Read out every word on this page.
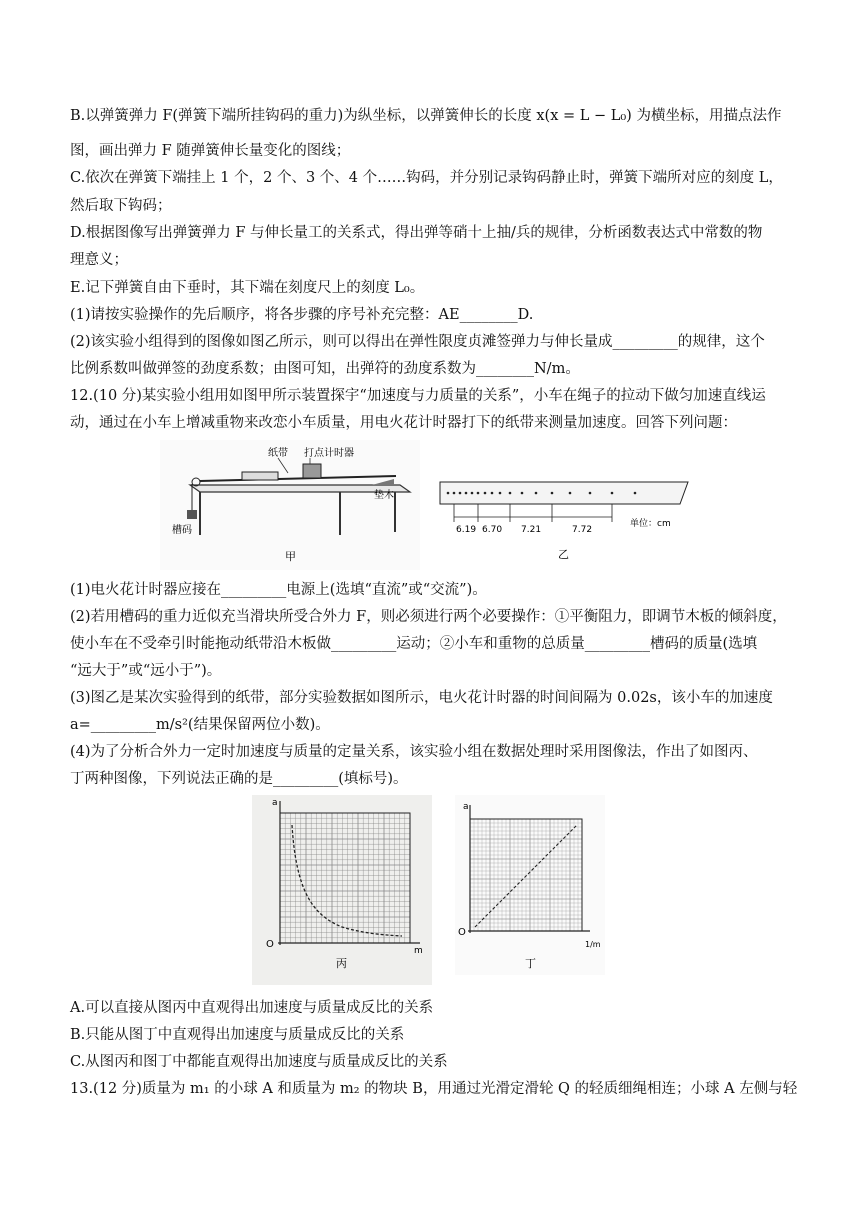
B.以弹簧弹力 F(弹簧下端所挂钩码的重力)为纵坐标，以弹簧伸长的长度 x(x = L − L₀) 为横坐标，用描点法作
图，画出弹力 F 随弹簧伸长量变化的图线；
C.依次在弹簧下端挂上 1 个，2 个、3 个、4 个……钩码，并分别记录钩码静止时，弹簧下端所对应的刻度 L，
然后取下钩码；
D.根据图像写出弹簧弹力 F 与伸长量工的关系式，得出弹等硝十上抽/兵的规律，分析函数表达式中常数的物
理意义；
E.记下弹簧自由下垂时，其下端在刻度尺上的刻度 L₀。
(1)请按实验操作的先后顺序，将各步骤的序号补充完整：AE________D.
(2)该实验小组得到的图像如图乙所示，则可以得出在弹性限度贞滩签弹力与伸长量成_________的规律，这个
比例系数叫做弹签的劲度系数；由图可知，出弹符的劲度系数为________N/m。
12.(10 分)某实验小组用如图甲所示装置探宇“加速度与力质量的关系”，小车在绳子的拉动下做匀加速直线运
动，通过在小车上增减重物来改恋小车质量，用电火花计时器打下的纸带来测量加速度。回答下列问题：
纸带 打点计时器
垫木
槽码
甲
6.19 6.70 7.21	7.72
单位：cm
乙
(1)电火花计时器应接在_________电源上(选填“直流”或“交流”)。
(2)若用槽码的重力近似充当滑块所受合外力 F，则必须进行两个必要操作：①平衡阻力，即调节木板的倾斜度，
使小车在不受牵引时能拖动纸带沿木板做_________运动；②小车和重物的总质量_________槽码的质量(选填
“远大于”或“远小于”)。
(3)图乙是某次实验得到的纸带，部分实验数据如图所示，电火花计时器的时间间隔为 0.02s，该小车的加速度
a=_________m/s²(结果保留两位小数)。
(4)为了分析合外力一定时加速度与质量的定量关系，该实验小组在数据处理时采用图像法，作出了如图丙、
丁两种图像，下列说法正确的是_________(填标号)。
a
m
O
丙
a
1/m
O
丁
A.可以直接从图丙中直观得出加速度与质量成反比的关系
B.只能从图丁中直观得出加速度与质量成反比的关系
C.从图丙和图丁中都能直观得出加速度与质量成反比的关系
13.(12 分)质量为 m₁ 的小球 A 和质量为 m₂ 的物块 B，用通过光滑定滑轮 Q 的轻质细绳相连；小球 A 左侧与轻
